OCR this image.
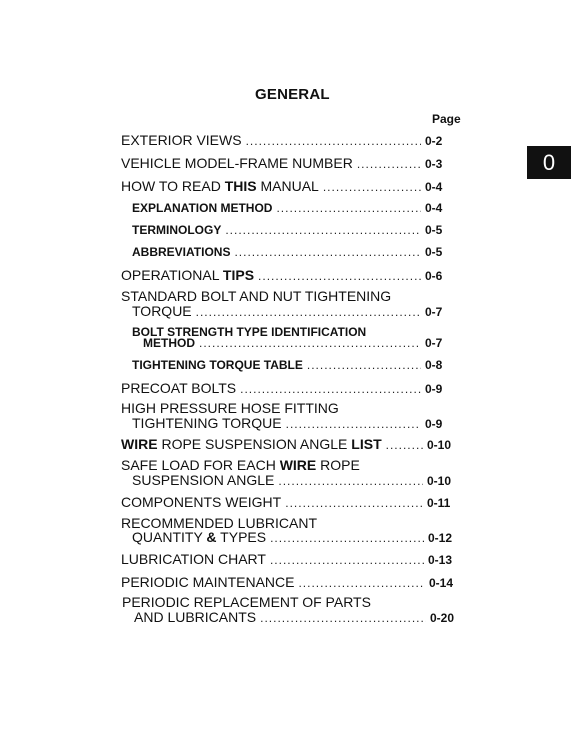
GENERAL
Page
0
EXTERIOR VIEWS .....	0-2
VEHICLE MODEL-FRAME NUMBER .....	0-3
HOW TO READ THIS MANUAL .....	0-4
EXPLANATION METHOD .....	0-4
TERMINOLOGY .....	0-5
ABBREVIATIONS .....	0-5
OPERATIONAL TIPS .....	0-6
STANDARD BOLT AND NUT TIGHTENING
TORQUE .....	0-7
BOLT STRENGTH TYPE IDENTIFICATION
METHOD .....	0-7
TIGHTENING TORQUE TABLE .....	0-8
PRECOAT BOLTS .....	0-9
HIGH PRESSURE HOSE FITTING
TIGHTENING TORQUE .....	0-9
WIRE ROPE SUSPENSION ANGLE LIST .....	0-10
SAFE LOAD FOR EACH WIRE ROPE
SUSPENSION ANGLE .....	0-10
COMPONENTS WEIGHT .....	0-11
RECOMMENDED LUBRICANT
QUANTITY & TYPES .....	0-12
LUBRICATION CHART .....	0-13
PERIODIC MAINTENANCE .....	0-14
PERIODIC REPLACEMENT OF PARTS
AND LUBRICANTS .....	0-20
